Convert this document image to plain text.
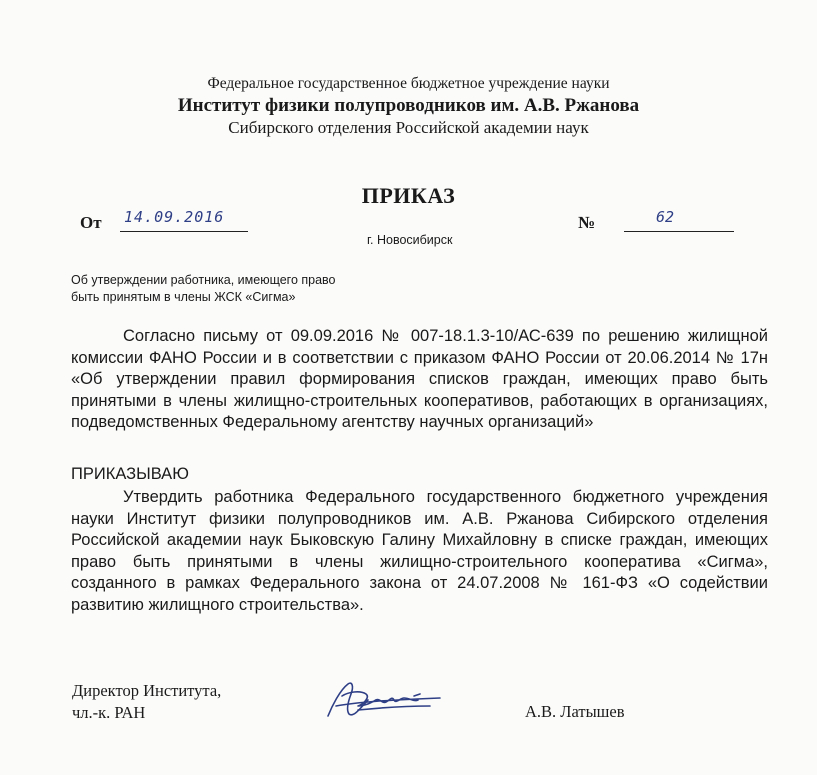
Федеральное государственное бюджетное учреждение науки
Институт физики полупроводников им. А.В. Ржанова
Сибирского отделения Российской академии наук
ПРИКАЗ
От 14.09.2016	№	62
г. Новосибирск
Об утверждении работника, имеющего право
быть принятым в члены ЖСК «Сигма»
Согласно письму от 09.09.2016 № 007-18.1.3-10/АС-639 по решению жилищной комиссии ФАНО России и в соответствии с приказом ФАНО России от 20.06.2014 № 17н «Об утверждении правил формирования списков граждан, имеющих право быть принятыми в члены жилищно-строительных кооперативов, работающих в организациях, подведомственных Федеральному агентству научных организаций»
ПРИКАЗЫВАЮ
Утвердить работника Федерального государственного бюджетного учреждения науки Институт физики полупроводников им. А.В. Ржанова Сибирского отделения Российской академии наук Быковскую Галину Михайловну в списке граждан, имеющих право быть принятыми в члены жилищно-строительного кооператива «Сигма», созданного в рамках Федерального закона от 24.07.2008 № 161-ФЗ «О содействии развитию жилищного строительства».
Директор Института,
чл.-к. РАН	А.В. Латышев
